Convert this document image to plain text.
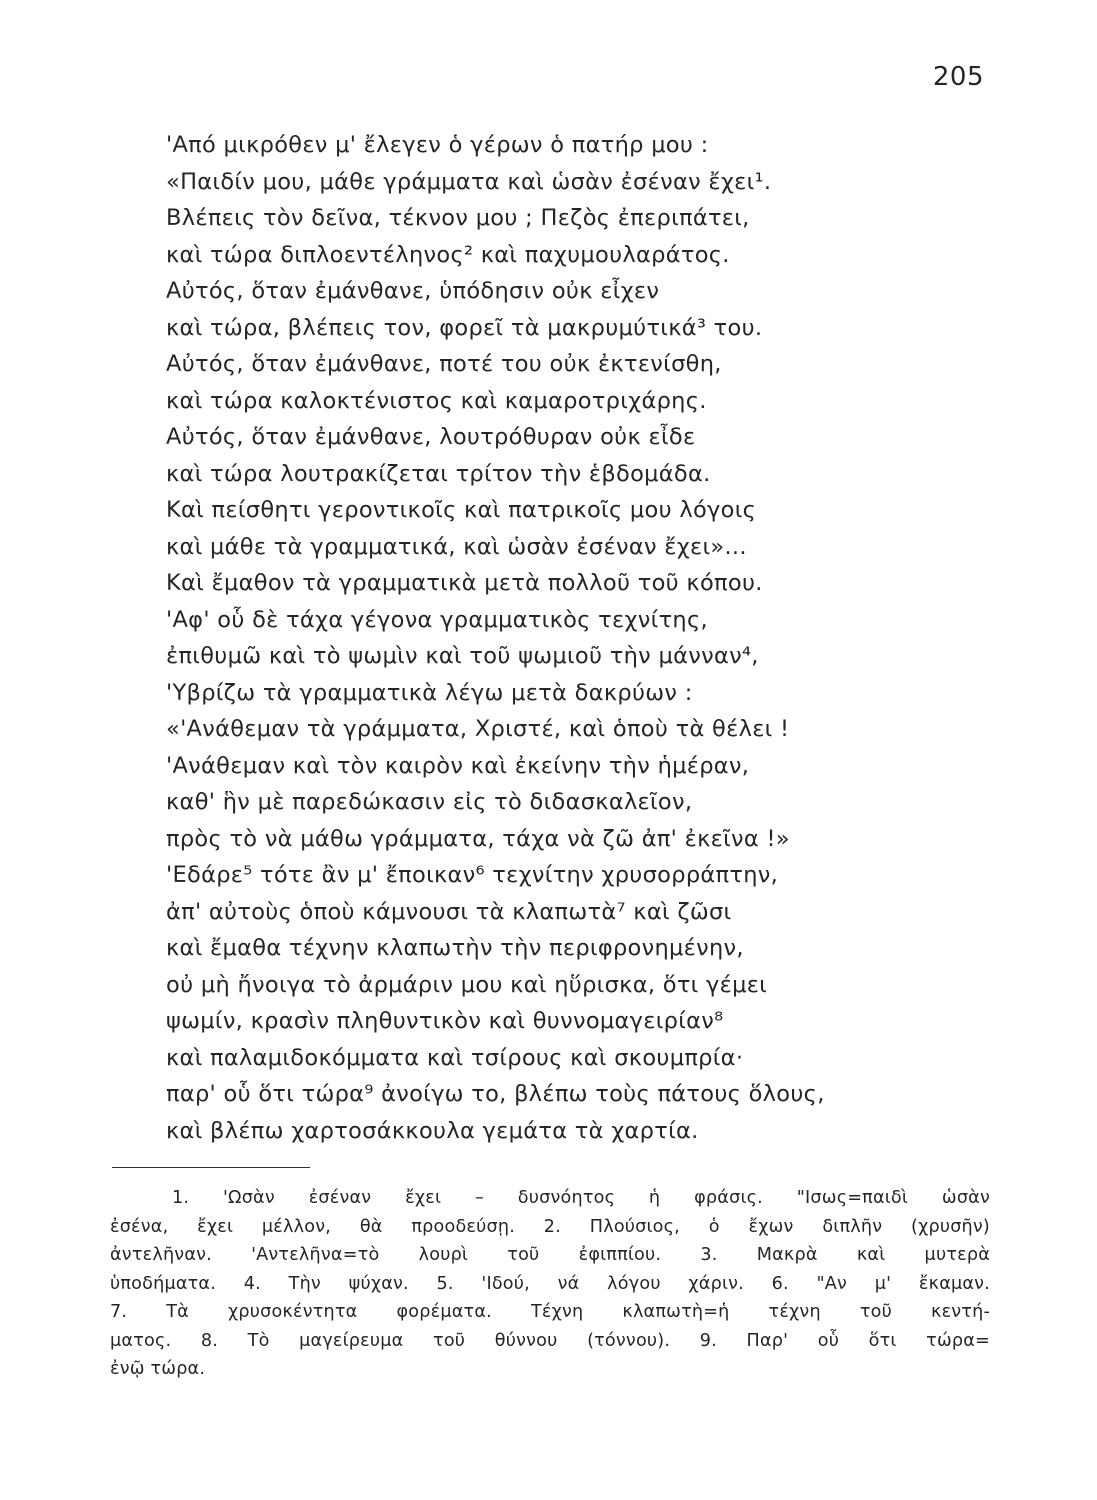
205
'Από μικρόθεν μ' ἔλεγεν ὁ γέρων ὁ πατήρ μου :
«Παιδίν μου, μάθε γράμματα καὶ ὡσὰν ἐσέναν ἔχει¹.
Βλέπεις τὸν δεῖνα, τέκνον μου ; Πεζὸς ἐπεριπάτει,
καὶ τώρα διπλοεντέληνος² καὶ παχυμουλαράτος.
Αὐτός, ὅταν ἐμάνθανε, ὑπόδησιν οὐκ εἶχεν
καὶ τώρα, βλέπεις τον, φορεῖ τὰ μακρυμύτικά³ του.
Αὐτός, ὅταν ἐμάνθανε, ποτέ του οὐκ ἐκτενίσθη,
καὶ τώρα καλοκτένιστος καὶ καμαροτριχάρης.
Αὐτός, ὅταν ἐμάνθανε, λουτρόθυραν οὐκ εἶδε
καὶ τώρα λουτρακίζεται τρίτον τὴν ἑβδομάδα.
Καὶ πείσθητι γεροντικοῖς καὶ πατρικοῖς μου λόγοις
καὶ μάθε τὰ γραμματικά, καὶ ὡσὰν ἐσέναν ἔχει»...
Καὶ ἔμαθον τὰ γραμματικὰ μετὰ πολλοῦ τοῦ κόπου.
'Αφ' οὗ δὲ τάχα γέγονα γραμματικὸς τεχνίτης,
ἐπιθυμῶ καὶ τὸ ψωμὶν καὶ τοῦ ψωμιοῦ τὴν μάνναν⁴,
'Υβρίζω τὰ γραμματικὰ λέγω μετὰ δακρύων :
«'Ανάθεμαν τὰ γράμματα, Χριστέ, καὶ ὁποὺ τὰ θέλει !
'Ανάθεμαν καὶ τὸν καιρὸν καὶ ἐκείνην τὴν ἡμέραν,
καθ' ἣν μὲ παρεδώκασιν εἰς τὸ διδασκαλεῖον,
πρὸς τὸ νὰ μάθω γράμματα, τάχα νὰ ζῶ ἀπ' ἐκεῖνα !»
'Εδάρε⁵ τότε ἂν μ' ἔποικαν⁶ τεχνίτην χρυσορράπτην,
ἀπ' αὐτοὺς ὁποὺ κάμνουσι τὰ κλαπωτὰ⁷ καὶ ζῶσι
καὶ ἔμαθα τέχνην κλαπωτὴν τὴν περιφρονημένην,
οὐ μὴ ἤνοιγα τὸ ἀρμάριν μου καὶ ηὕρισκα, ὅτι γέμει
ψωμίν, κρασὶν πληθυντικὸν καὶ θυννομαγειρίαν⁸
καὶ παλαμιδοκόμματα καὶ τσίρους καὶ σκουμπρία·
παρ' οὗ ὅτι τώρα⁹ ἀνοίγω το, βλέπω τοὺς πάτους ὅλους,
καὶ βλέπω χαρτοσάκκουλα γεμάτα τὰ χαρτία.
1. 'Ωσὰν ἐσέναν ἔχει – δυσνόητος ἡ φράσις. "Ισως=παιδὶ ὡσὰν
ἐσένα, ἔχει μέλλον, θὰ προοδεύσῃ. 2. Πλούσιος, ὁ ἔχων διπλῆν (χρυσῆν)
ἀντελῆναν. 'Αντελῆνα=τὸ λουρὶ τοῦ ἐφιππίου. 3. Μακρὰ καὶ μυτερὰ
ὑποδήματα. 4. Τὴν ψύχαν. 5. 'Ιδού, νά λόγου χάριν. 6. "Αν μ' ἔκαμαν.
7. Τὰ χρυσοκέντητα φορέματα. Τέχνη κλαπωτὴ=ἡ τέχνη τοῦ κεντή-
ματος. 8. Τὸ μαγείρευμα τοῦ θύννου (τόννου). 9. Παρ' οὗ ὅτι τώρα=
ἐνῷ τώρα.
